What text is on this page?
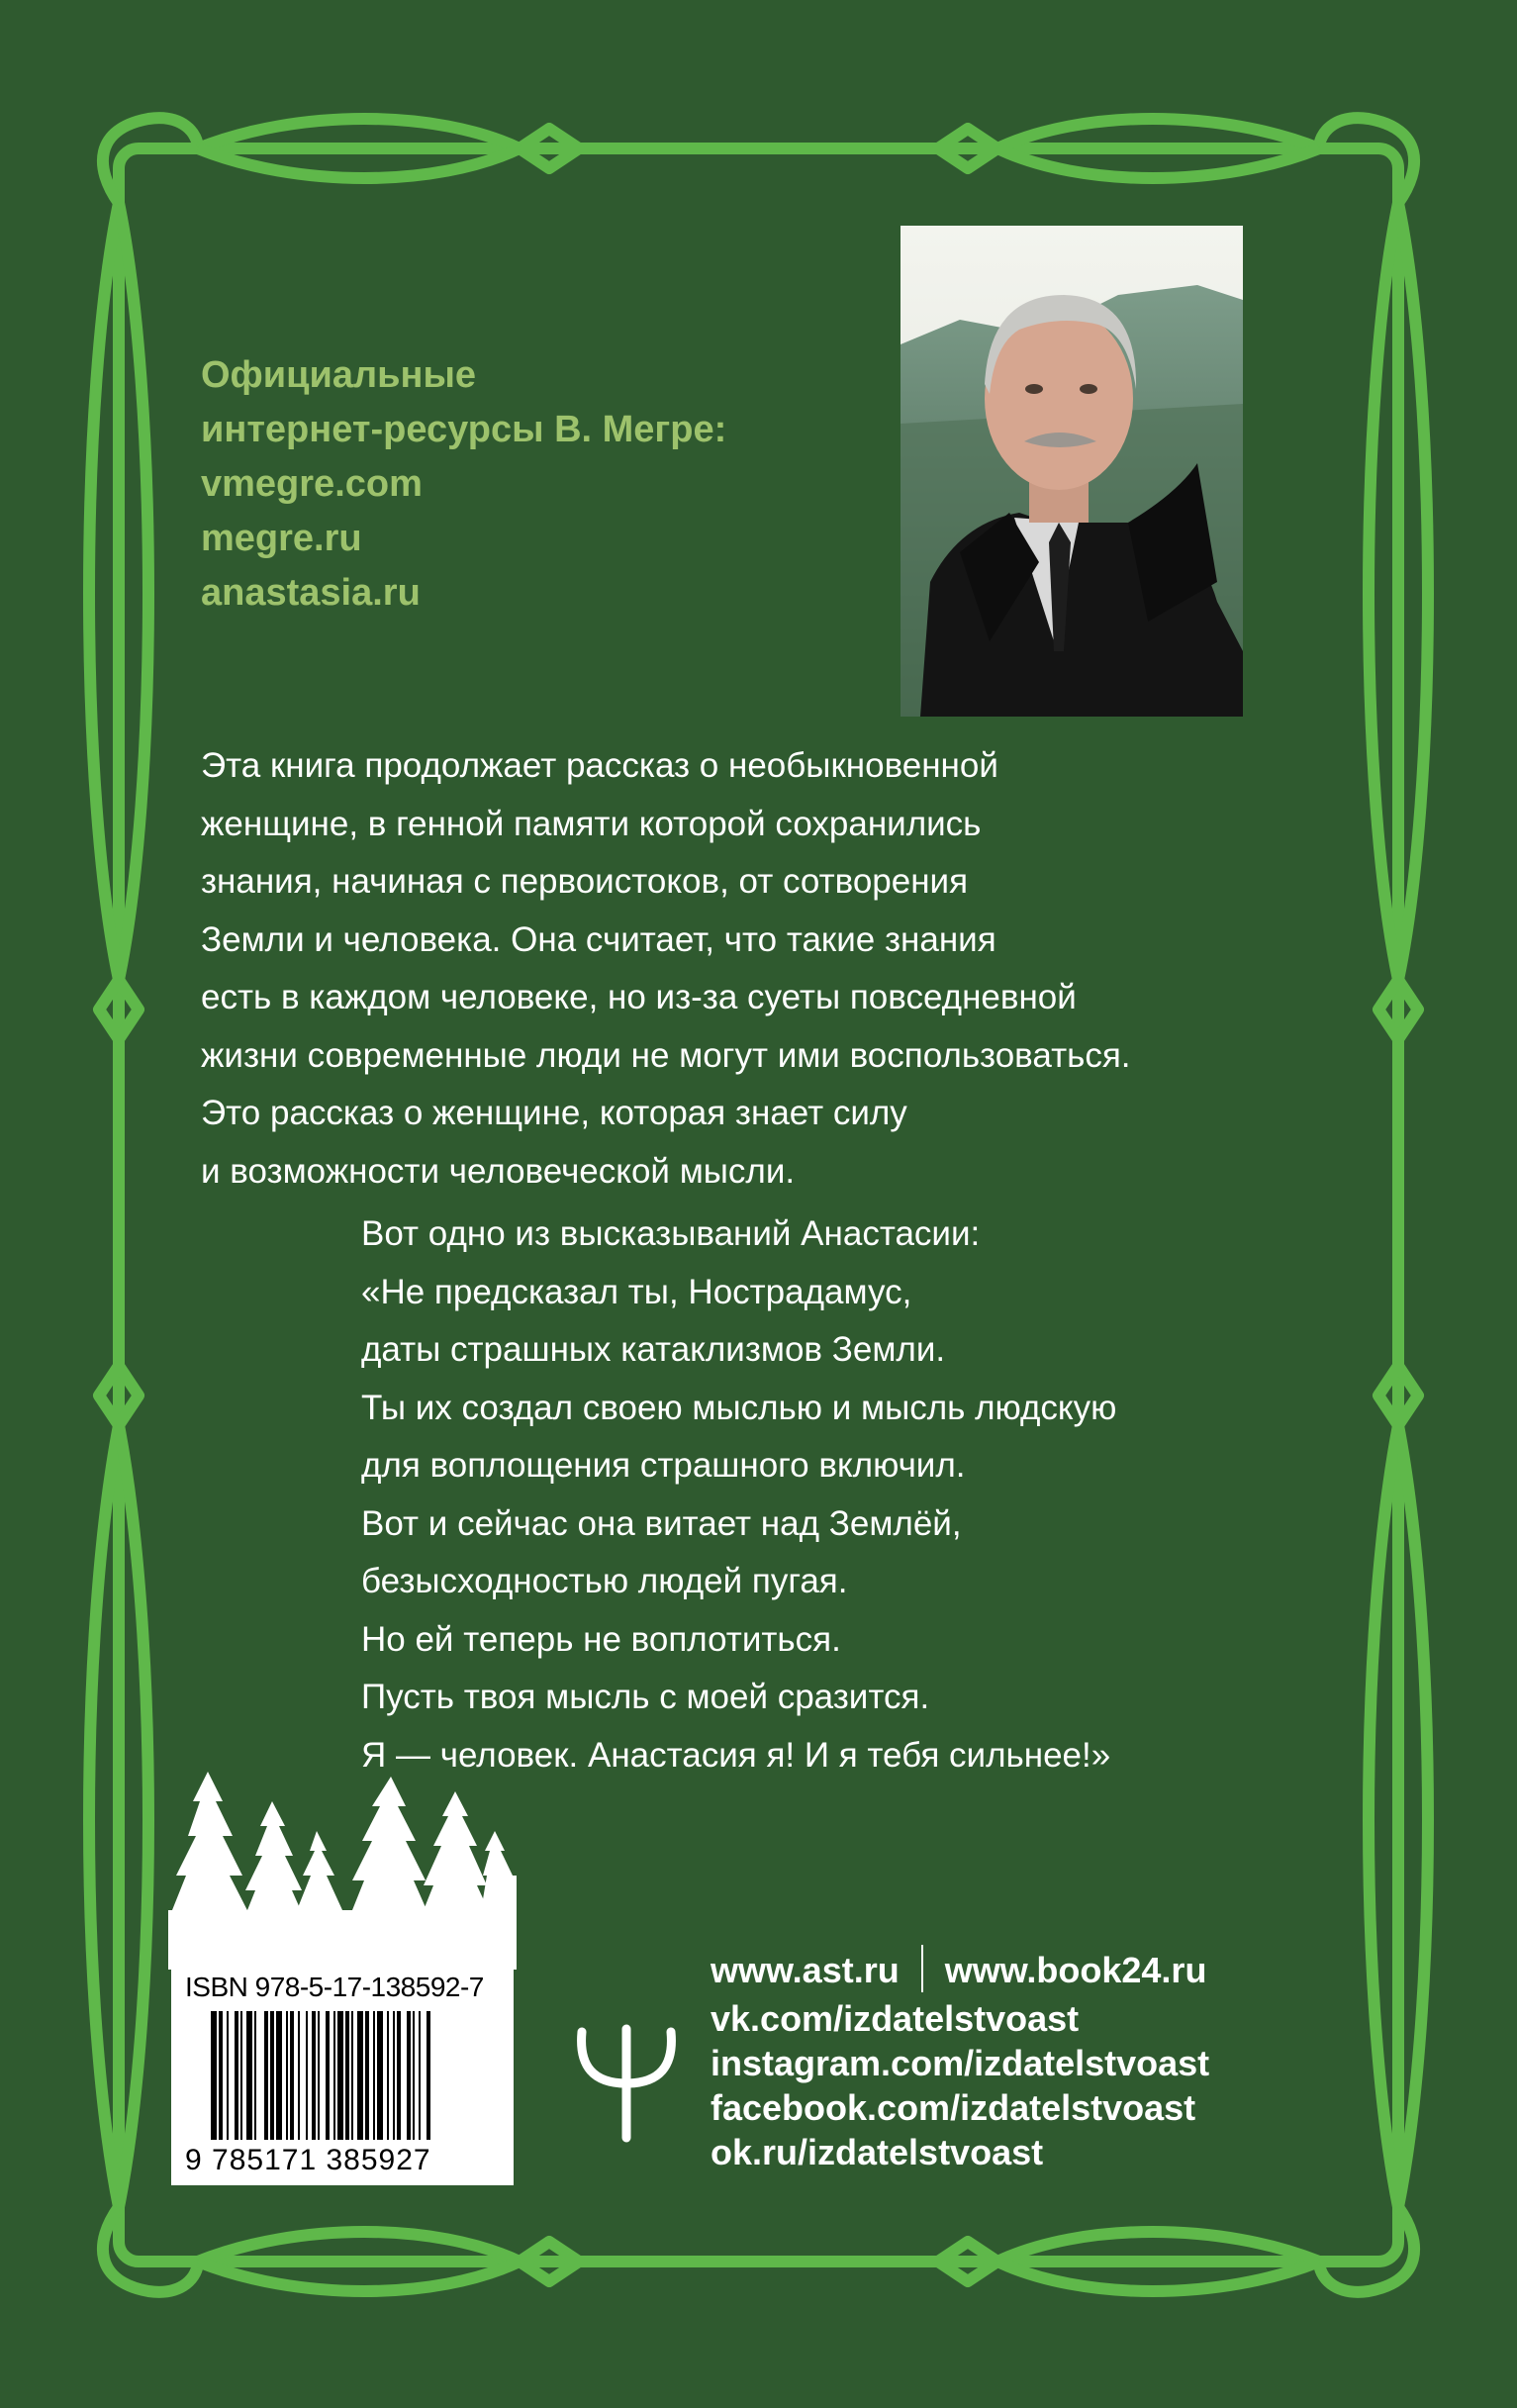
Официальные
интернет-ресурсы В. Мегре:
vmegre.com
megre.ru
anastasia.ru
Эта книга продолжает рассказ о необыкновенной
женщине, в генной памяти которой сохранились
знания, начиная с первоистоков, от сотворения
Земли и человека. Она считает, что такие знания
есть в каждом человеке, но из-за суеты повседневной
жизни современные люди не могут ими воспользоваться.
Это рассказ о женщине, которая знает силу
и возможности человеческой мысли.
Вот одно из высказываний Анастасии:
«Не предсказал ты, Нострадамус,
даты страшных катаклизмов Земли.
Ты их создал своею мыслью и мысль людскую
для воплощения страшного включил.
Вот и сейчас она витает над Землёй,
безысходностью людей пугая.
Но ей теперь не воплотиться.
Пусть твоя мысль с моей сразится.
Я — человек. Анастасия я! И я тебя сильнее!»
ISBN 978-5-17-138592-7
9 785171 385927
www.ast.ru www.book24.ru
vk.com/izdatelstvoast
instagram.com/izdatelstvoast
facebook.com/izdatelstvoast
ok.ru/izdatelstvoast
